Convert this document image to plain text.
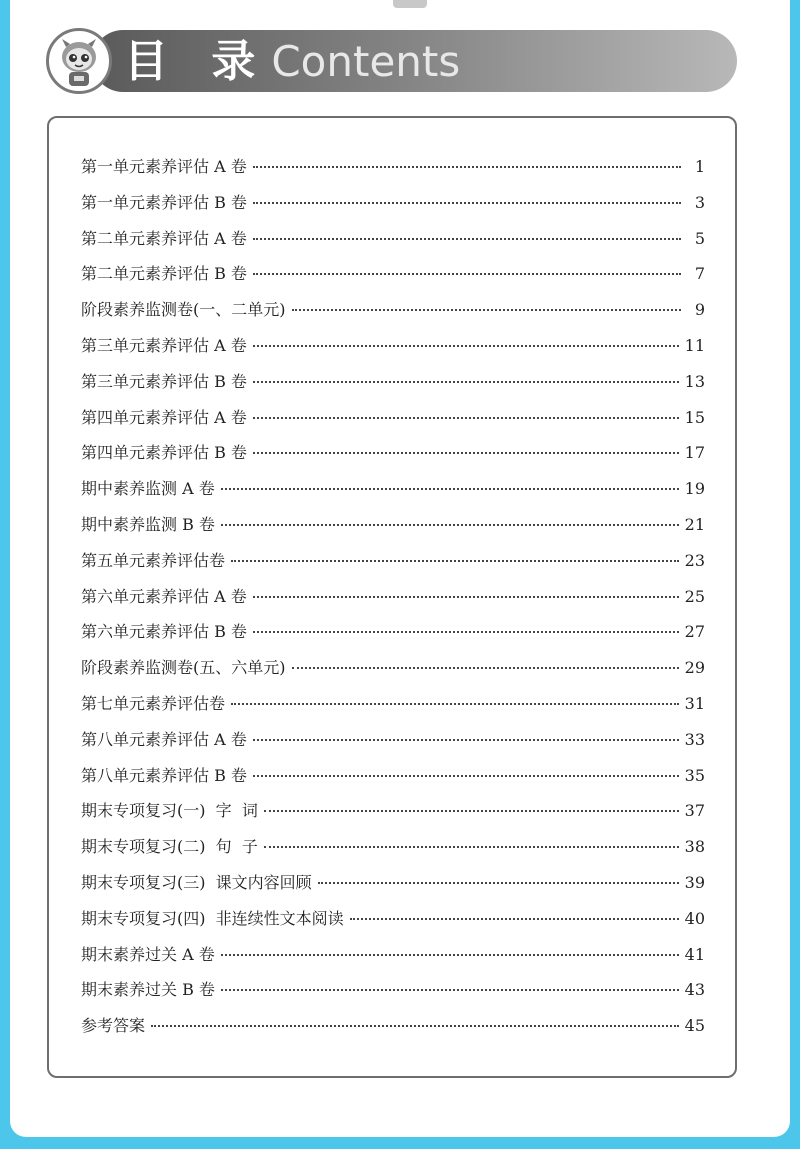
目 录Contents
第一单元素养评估 A 卷	1
第一单元素养评估 B 卷	3
第二单元素养评估 A 卷	5
第二单元素养评估 B 卷	7
阶段素养监测卷(一、二单元)	9
第三单元素养评估 A 卷	11
第三单元素养评估 B 卷	13
第四单元素养评估 A 卷	15
第四单元素养评估 B 卷	17
期中素养监测 A 卷	19
期中素养监测 B 卷	21
第五单元素养评估卷	23
第六单元素养评估 A 卷	25
第六单元素养评估 B 卷	27
阶段素养监测卷(五、六单元)	29
第七单元素养评估卷	31
第八单元素养评估 A 卷	33
第八单元素养评估 B 卷	35
期末专项复习(一)  字  词	37
期末专项复习(二)  句  子	38
期末专项复习(三)  课文内容回顾	39
期末专项复习(四)  非连续性文本阅读	40
期末素养过关 A 卷	41
期末素养过关 B 卷	43
参考答案	45
